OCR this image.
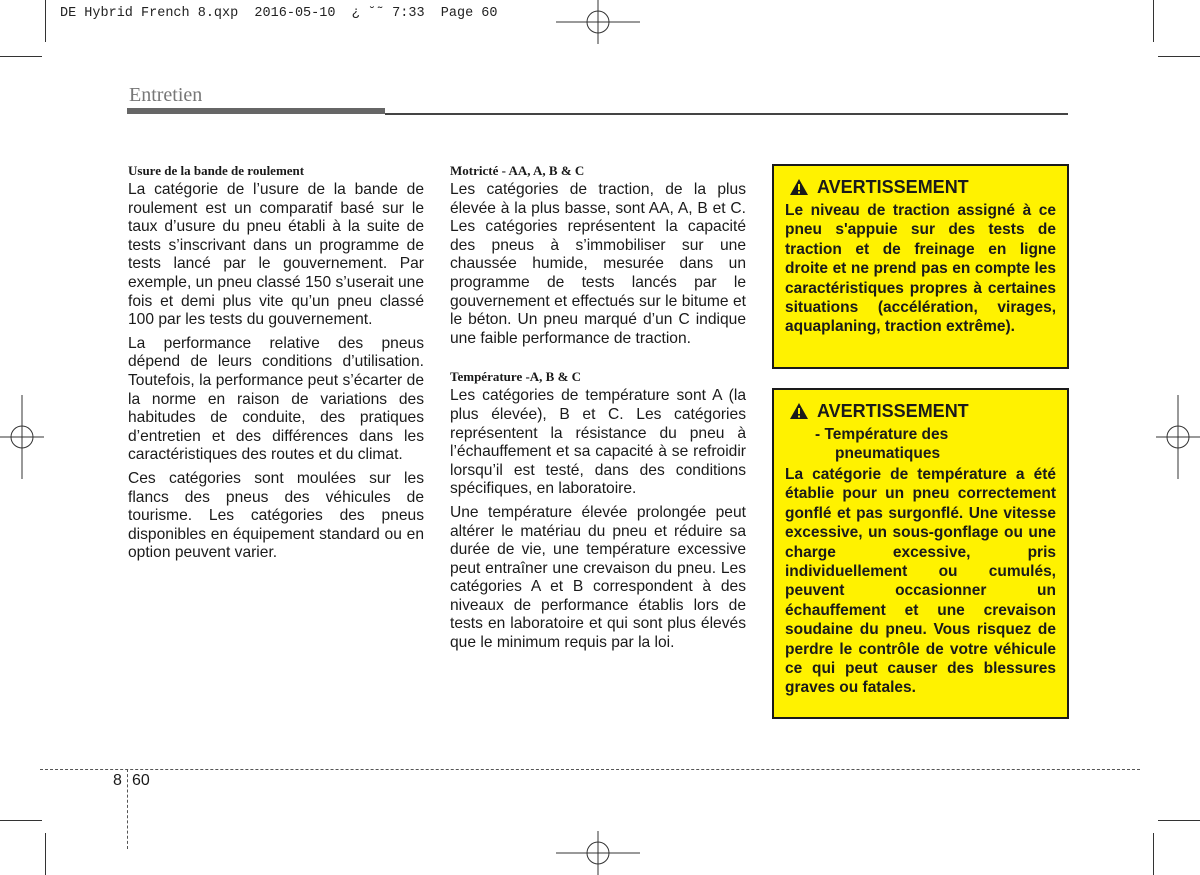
DE Hybrid French 8.qxp  2016-05-10  ¿ ˘˜ 7:33  Page 60
Entretien
Usure de la bande de roulement

La catégorie de l’usure de la bande de roulement est un comparatif basé sur le taux d’usure du pneu établi à la suite de tests s’inscrivant dans un programme de tests lancé par le gouvernement. Par exemple, un pneu classé 150 s’userait une fois et demi plus vite qu’un pneu classé 100 par les tests du gouvernement.

La performance relative des pneus dépend de leurs conditions d’utilisation. Toutefois, la performance peut s’écarter de la norme en raison de variations des habitudes de conduite, des pratiques d’entretien et des différences dans les caractéristiques des routes et du climat.

Ces catégories sont moulées sur les flancs des pneus des véhicules de tourisme. Les catégories des pneus disponibles en équipement standard ou en option peuvent varier.

Motricté - AA, A, B & C

Les catégories de traction, de la plus élevée à la plus basse, sont AA, A, B et C. Les catégories représentent la capacité des pneus à s’immobiliser sur une chaussée humide, mesurée dans un programme de tests lancés par le gouvernement et effectués sur le bitume et le béton. Un pneu marqué d’un C indique une faible performance de traction.

Température -A, B & C

Les catégories de température sont A (la plus élevée), B et C. Les catégories représentent la résistance du pneu à l’échauffement et sa capacité à se refroidir lorsqu’il est testé, dans des conditions spécifiques, en laboratoire.

Une température élevée prolongée peut altérer le matériau du pneu et réduire sa durée de vie, une température excessive peut entraîner une crevaison du pneu. Les catégories A et B correspondent à des niveaux de performance établis lors de tests en laboratoire et qui sont plus élevés que le minimum requis par la loi.

AVERTISSEMENT
Le niveau de traction assigné à ce pneu s'appuie sur des tests de traction et de freinage en ligne droite et ne prend pas en compte les caractéristiques propres à certaines situations (accélération, virages, aquaplaning, traction extrême).
AVERTISSEMENT
- Température des
pneumatiques
La catégorie de température a été établie pour un pneu correctement gonflé et pas surgonflé. Une vitesse excessive, un sous-gonflage ou une charge excessive, pris individuellement ou cumulés, peuvent occasionner un échauffement et une crevaison soudaine du pneu. Vous risquez de perdre le contrôle de votre véhicule ce qui peut causer des blessures graves ou fatales.
8 60
